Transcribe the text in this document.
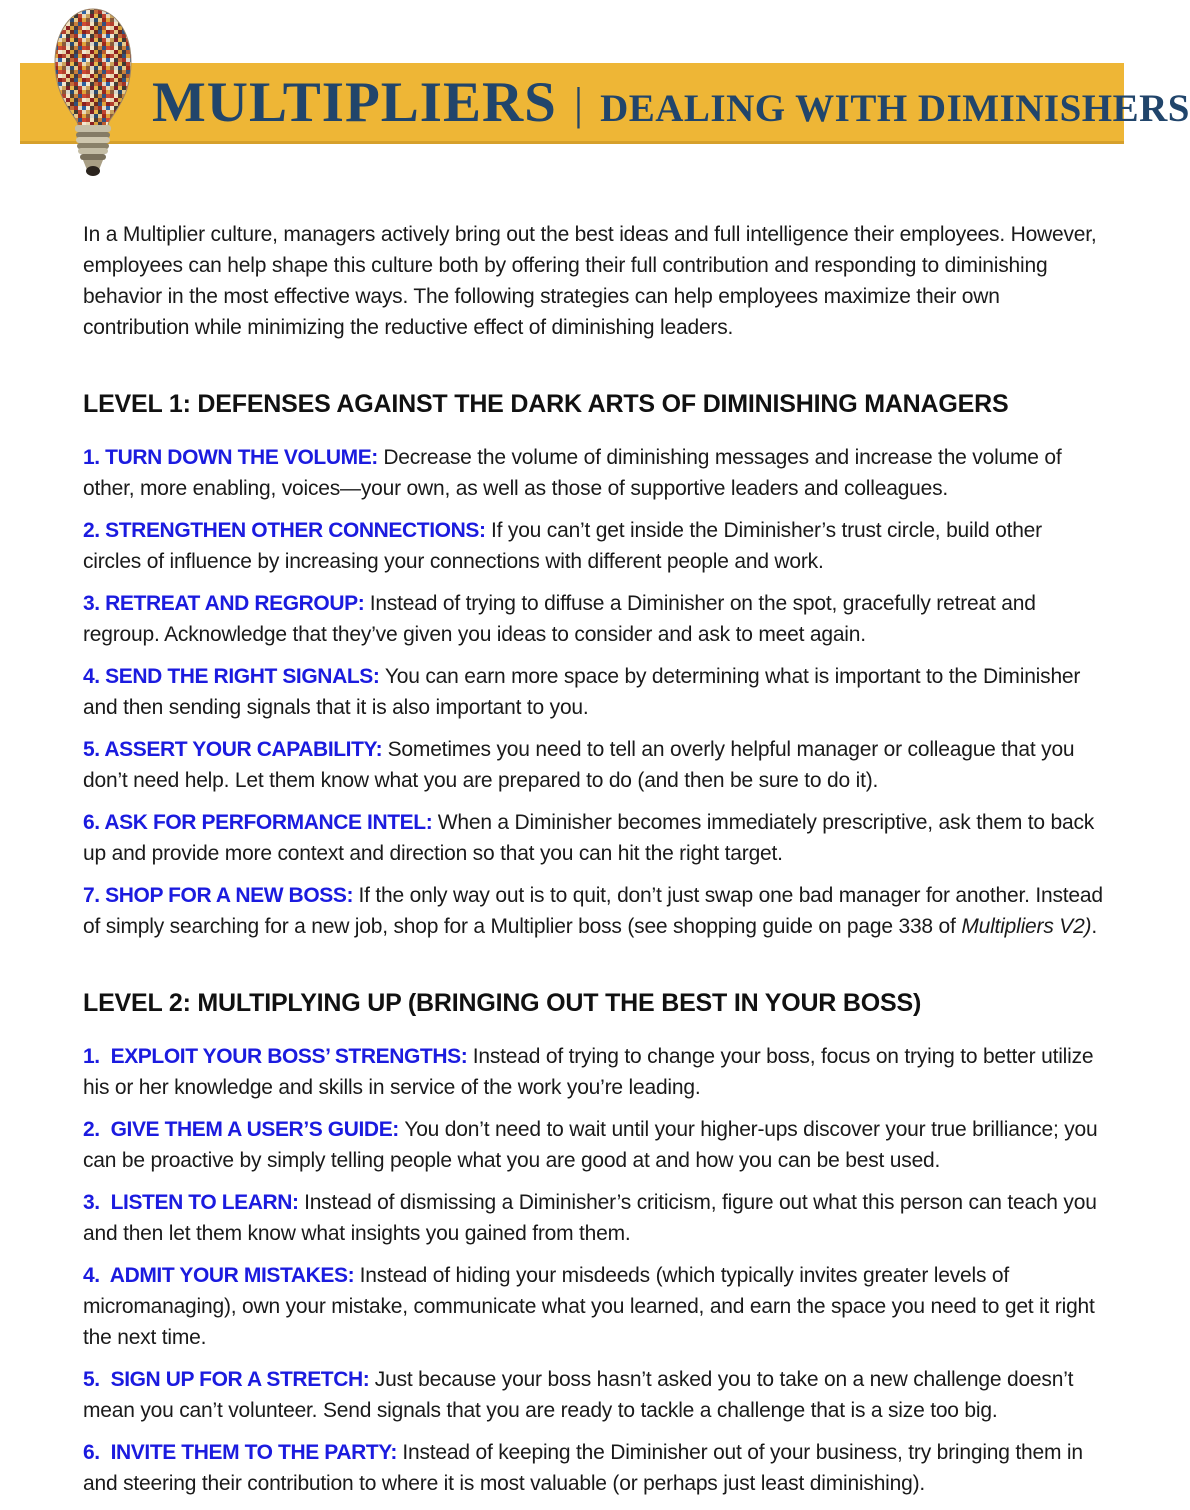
MULTIPLIERS | DEALING WITH DIMINISHERS

In a Multiplier culture, managers actively bring out the best ideas and full intelligence their employees. However, employees can help shape this culture both by offering their full contribution and responding to diminishing behavior in the most effective ways. The following strategies can help employees maximize their own contribution while minimizing the reductive effect of diminishing leaders.

LEVEL 1: DEFENSES AGAINST THE DARK ARTS OF DIMINISHING MANAGERS

1. TURN DOWN THE VOLUME: Decrease the volume of diminishing messages and increase the volume of other, more enabling, voices—your own, as well as those of supportive leaders and colleagues.

2. STRENGTHEN OTHER CONNECTIONS: If you can’t get inside the Diminisher’s trust circle, build other circles of influence by increasing your connections with different people and work.

3. RETREAT AND REGROUP: Instead of trying to diffuse a Diminisher on the spot, gracefully retreat and regroup. Acknowledge that they’ve given you ideas to consider and ask to meet again.

4. SEND THE RIGHT SIGNALS: You can earn more space by determining what is important to the Diminisher and then sending signals that it is also important to you.

5. ASSERT YOUR CAPABILITY: Sometimes you need to tell an overly helpful manager or colleague that you don’t need help. Let them know what you are prepared to do (and then be sure to do it).

6. ASK FOR PERFORMANCE INTEL: When a Diminisher becomes immediately prescriptive, ask them to back up and provide more context and direction so that you can hit the right target.

7. SHOP FOR A NEW BOSS: If the only way out is to quit, don’t just swap one bad manager for another. Instead of simply searching for a new job, shop for a Multiplier boss (see shopping guide on page 338 of Multipliers V2).

LEVEL 2: MULTIPLYING UP (BRINGING OUT THE BEST IN YOUR BOSS)

1.  EXPLOIT YOUR BOSS’ STRENGTHS: Instead of trying to change your boss, focus on trying to better utilize his or her knowledge and skills in service of the work you’re leading.

2.  GIVE THEM A USER’S GUIDE: You don’t need to wait until your higher-ups discover your true brilliance; you can be proactive by simply telling people what you are good at and how you can be best used.

3.  LISTEN TO LEARN: Instead of dismissing a Diminisher’s criticism, figure out what this person can teach you and then let them know what insights you gained from them.

4.  ADMIT YOUR MISTAKES: Instead of hiding your misdeeds (which typically invites greater levels of micromanaging), own your mistake, communicate what you learned, and earn the space you need to get it right the next time.

5.  SIGN UP FOR A STRETCH: Just because your boss hasn’t asked you to take on a new challenge doesn’t mean you can’t volunteer. Send signals that you are ready to tackle a challenge that is a size too big.

6.  INVITE THEM TO THE PARTY: Instead of keeping the Diminisher out of your business, try bringing them in and steering their contribution to where it is most valuable (or perhaps just least diminishing).
